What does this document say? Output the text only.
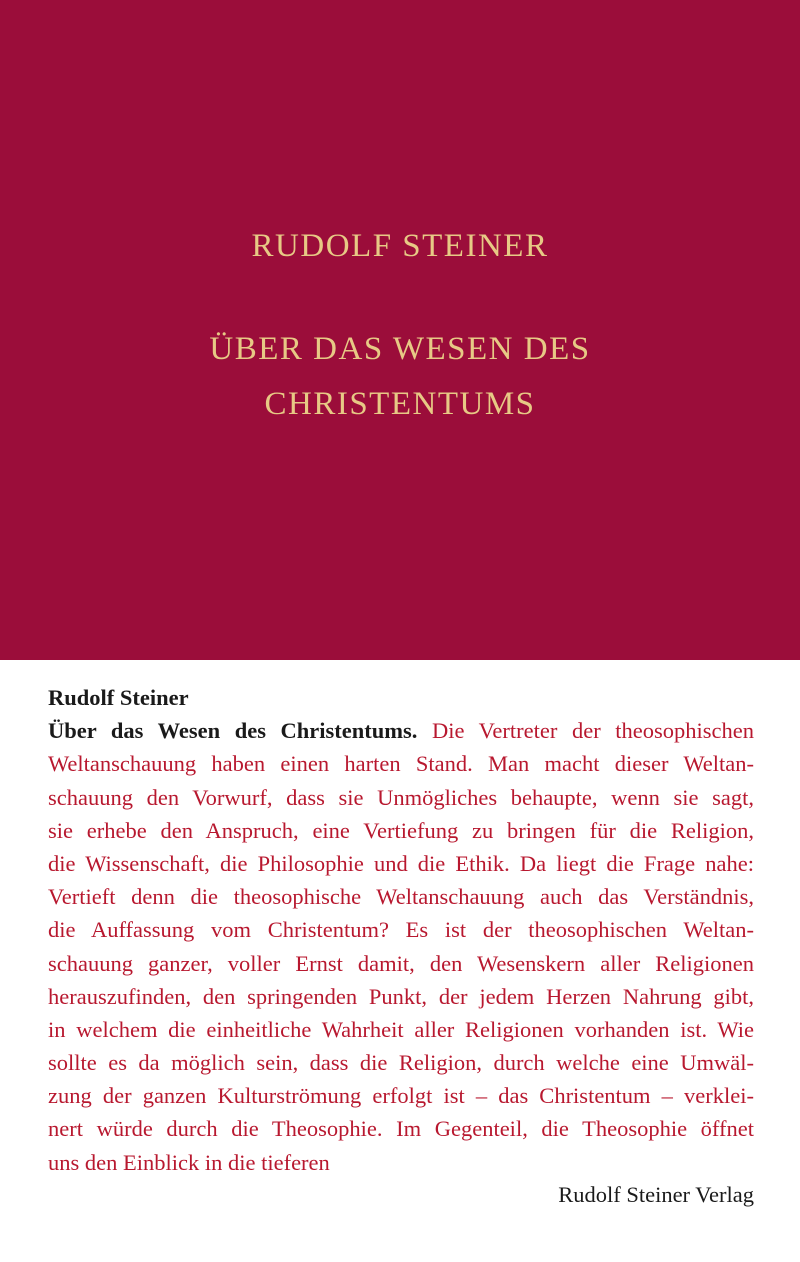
RUDOLF STEINER
ÜBER DAS WESEN DES
CHRISTENTUMS
Rudolf Steiner
Über das Wesen des Christentums. Die Vertreter der theosophischen
Weltanschauung haben einen harten Stand. Man macht dieser Weltan-
schauung den Vorwurf, dass sie Unmögliches behaupte, wenn sie sagt,
sie erhebe den Anspruch, eine Vertiefung zu bringen für die Religion,
die Wissenschaft, die Philosophie und die Ethik. Da liegt die Frage nahe:
Vertieft denn die theosophische Weltanschauung auch das Verständnis,
die Auffassung vom Christentum? Es ist der theosophischen Weltan-
schauung ganzer, voller Ernst damit, den Wesenskern aller Religionen
herauszufinden, den springenden Punkt, der jedem Herzen Nahrung gibt,
in welchem die einheitliche Wahrheit aller Religionen vorhanden ist. Wie
sollte es da möglich sein, dass die Religion, durch welche eine Umwäl-
zung der ganzen Kulturströmung erfolgt ist – das Christentum – verklei-
nert würde durch die Theosophie. Im Gegenteil, die Theosophie öffnet
uns den Einblick in die tieferen
Rudolf Steiner Verlag
